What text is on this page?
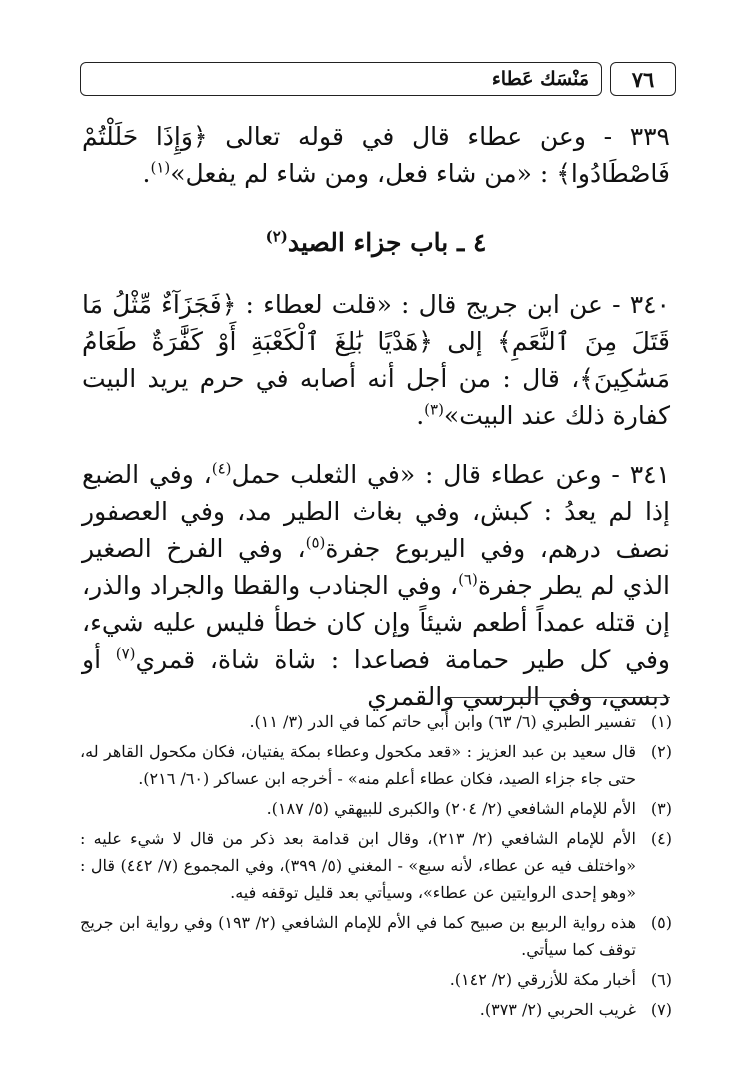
مَنْسَك عَطاء	٧٦

٣٣٩ - وعن عطاء قال في قوله تعالى ﴿وَإِذَا حَلَلْتُمْ فَاصْطَادُوا﴾ : «من شاء فعل، ومن شاء لم يفعل»$^{(١)}$.

٤ ـ باب جزاء الصيد$^{(٢)}$

٣٤٠ - عن ابن جريج قال : «قلت لعطاء : ﴿فَجَزَآءٌ مِّثْلُ مَا قَتَلَ مِنَ ٱلنَّعَمِ﴾ إلى ﴿هَدْيًا بَٰلِغَ ٱلْكَعْبَةِ أَوْ كَفَّٰرَةٌ طَعَامُ مَسَٰكِينَ﴾، قال : من أجل أنه أصابه في حرم يريد البيت كفارة ذلك عند البيت»$^{(٣)}$.

٣٤١ - وعن عطاء قال : «في الثعلب حمل$^{(٤)}$، وفي الضبع إذا لم يعدُ : كبش، وفي بغاث الطير مد، وفي العصفور نصف درهم، وفي اليربوع جفرة$^{(٥)}$، وفي الفرخ الصغير الذي لم يطر جفرة$^{(٦)}$، وفي الجنادب والقطا والجراد والذر، إن قتله عمداً أطعم شيئاً وإن كان خطأ فليس عليه شيء، وفي كل طير حمامة فصاعدا : شاة شاة، قمري$^{(٧)}$ أو دبسي، وفي البرسي والقمري

(١)
تفسير الطبري (٦/ ٦٣) وابن أبي حاتم كما في الدر (٣/ ١١).
(٢)
قال سعيد بن عبد العزيز : «قعد مكحول وعطاء بمكة يفتيان، فكان مكحول القاهر له، حتى جاء جزاء الصيد، فكان عطاء أعلم منه» - أخرجه ابن عساكر (٦٠/ ٢١٦).
(٣)
الأم للإمام الشافعي (٢/ ٢٠٤) والكبرى للبيهقي (٥/ ١٨٧).
(٤)
الأم للإمام الشافعي (٢/ ٢١٣)، وقال ابن قدامة بعد ذكر من قال لا شيء عليه : «واختلف فيه عن عطاء، لأنه سبع» - المغني (٥/ ٣٩٩)، وفي المجموع (٧/ ٤٤٢) قال : «وهو إحدى الروايتين عن عطاء»، وسيأتي بعد قليل توقفه فيه.
(٥)
هذه رواية الربيع بن صبيح كما في الأم للإمام الشافعي (٢/ ١٩٣) وفي رواية ابن جريج توقف كما سيأتي.
(٦)
أخبار مكة للأزرقي (٢/ ١٤٢).
(٧)
غريب الحربي (٢/ ٣٧٣).
